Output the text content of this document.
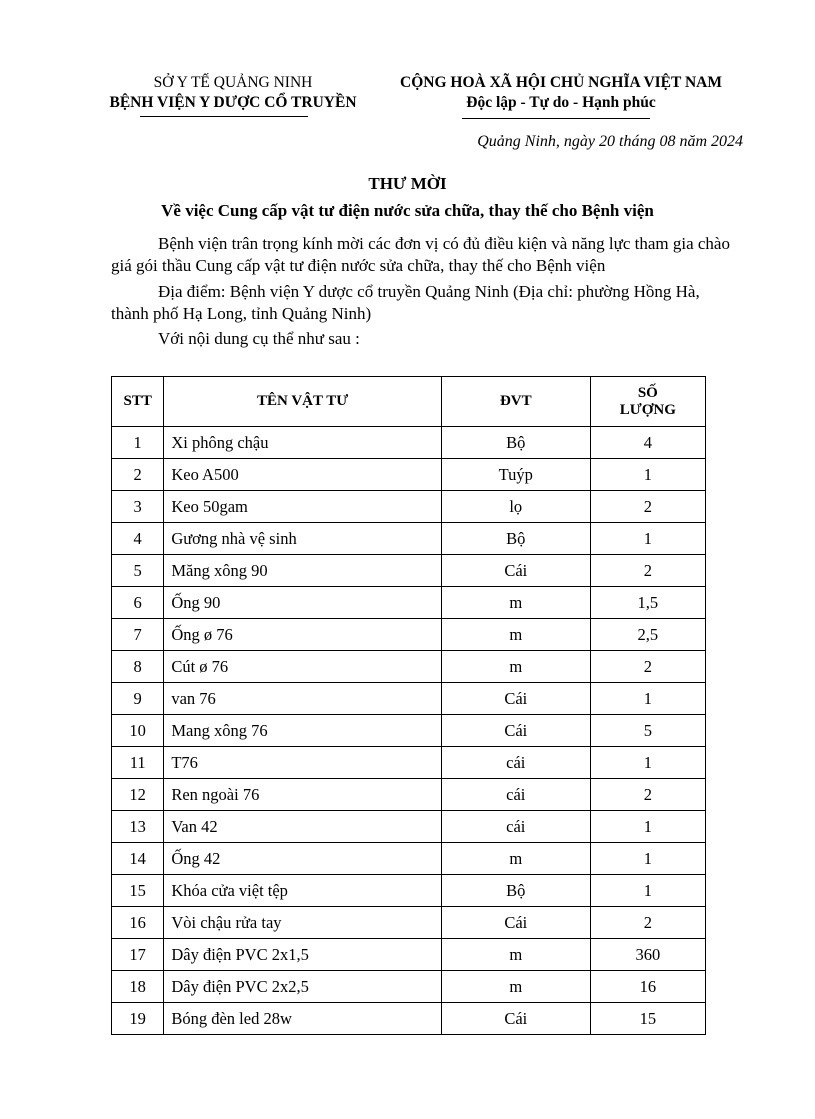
SỞ Y TẾ QUẢNG NINH
BỆNH VIỆN Y DƯỢC CỔ TRUYỀN
CỘNG HOÀ XÃ HỘI CHỦ NGHĨA VIỆT NAM
Độc lập - Tự do - Hạnh phúc
Quảng Ninh, ngày 20 tháng 08 năm 2024
THƯ MỜI
Về việc Cung cấp vật tư điện nước sửa chữa, thay thế cho Bệnh viện
Bệnh viện trân trọng kính mời các đơn vị có đủ điều kiện và năng lực tham gia chào giá gói thầu Cung cấp vật tư điện nước sửa chữa, thay thế cho Bệnh viện
Địa điểm: Bệnh viện Y dược cổ truyền Quảng Ninh (Địa chỉ: phường Hồng Hà, thành phố Hạ Long, tỉnh Quảng Ninh)
Với nội dung cụ thể như sau :
STT	TÊN VẬT TƯ	ĐVT	SỐ
LƯỢNG

1	Xi phông chậu	Bộ	4
2	Keo A500	Tuýp	1
3	Keo 50gam	lọ	2
4	Gương nhà vệ sinh	Bộ	1
5	Măng xông 90	Cái	2
6	Ống 90	m	1,5
7	Ống ø 76	m	2,5
8	Cút ø 76	m	2
9	van 76	Cái	1
10	Mang xông 76	Cái	5
11	T76	cái	1
12	Ren ngoài 76	cái	2
13	Van 42	cái	1
14	Ống 42	m	1
15	Khóa cửa việt tệp	Bộ	1
16	Vòi chậu rửa tay	Cái	2
17	Dây điện PVC 2x1,5	m	360
18	Dây điện PVC 2x2,5	m	16
19	Bóng đèn led 28w	Cái	15
